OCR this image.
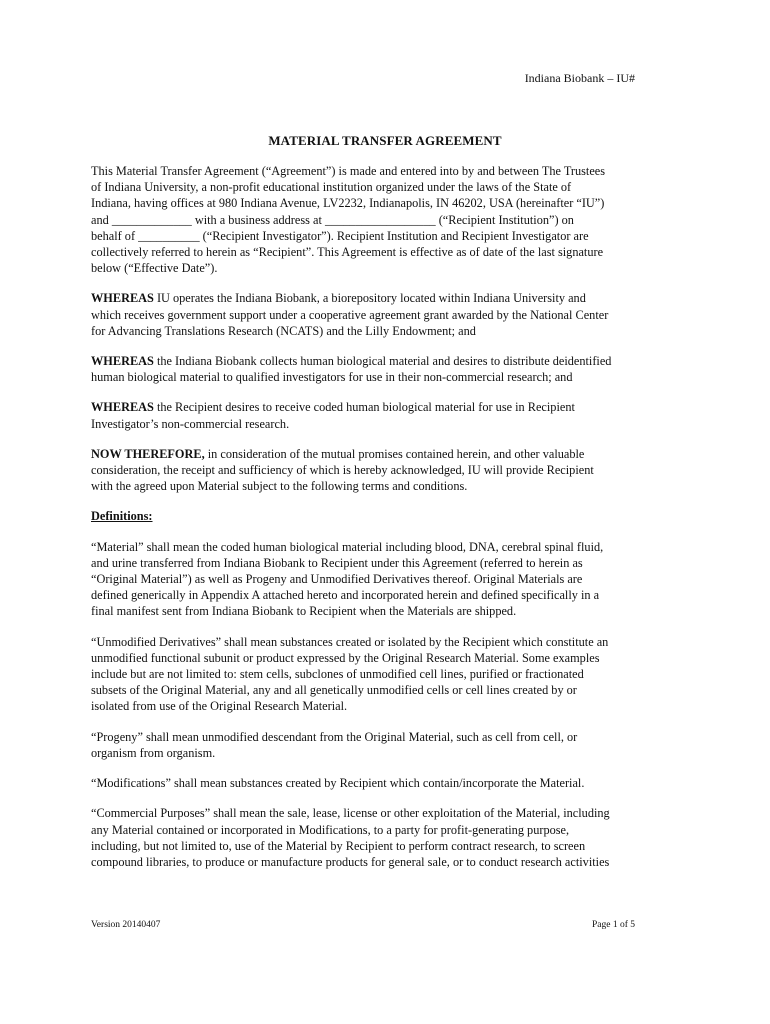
Indiana Biobank – IU#
MATERIAL TRANSFER AGREEMENT

This Material Transfer Agreement (“Agreement”) is made and entered into by and between The Trustees
of Indiana University, a non-profit educational institution organized under the laws of the State of
Indiana, having offices at 980 Indiana Avenue, LV2232, Indianapolis, IN 46202, USA (hereinafter “IU”)
and _____________ with a business address at __________________ (“Recipient Institution”) on
behalf of __________ (“Recipient Investigator”). Recipient Institution and Recipient Investigator are
collectively referred to herein as “Recipient”. This Agreement is effective as of date of the last signature
below (“Effective Date”).

WHEREAS IU operates the Indiana Biobank, a biorepository located within Indiana University and
which receives government support under a cooperative agreement grant awarded by the National Center
for Advancing Translations Research (NCATS) and the Lilly Endowment; and

WHEREAS the Indiana Biobank collects human biological material and desires to distribute deidentified
human biological material to qualified investigators for use in their non-commercial research; and

WHEREAS the Recipient desires to receive coded human biological material for use in Recipient
Investigator’s non-commercial research.

NOW THEREFORE, in consideration of the mutual promises contained herein, and other valuable
consideration, the receipt and sufficiency of which is hereby acknowledged, IU will provide Recipient
with the agreed upon Material subject to the following terms and conditions.

Definitions:

“Material” shall mean the coded human biological material including blood, DNA, cerebral spinal fluid,
and urine transferred from Indiana Biobank to Recipient under this Agreement (referred to herein as
“Original Material”) as well as Progeny and Unmodified Derivatives thereof. Original Materials are
defined generically in Appendix A attached hereto and incorporated herein and defined specifically in a
final manifest sent from Indiana Biobank to Recipient when the Materials are shipped.

“Unmodified Derivatives” shall mean substances created or isolated by the Recipient which constitute an
unmodified functional subunit or product expressed by the Original Research Material. Some examples
include but are not limited to: stem cells, subclones of unmodified cell lines, purified or fractionated
subsets of the Original Material, any and all genetically unmodified cells or cell lines created by or
isolated from use of the Original Research Material.

“Progeny” shall mean unmodified descendant from the Original Material, such as cell from cell, or
organism from organism.

“Modifications” shall mean substances created by Recipient which contain/incorporate the Material.

“Commercial Purposes” shall mean the sale, lease, license or other exploitation of the Material, including
any Material contained or incorporated in Modifications, to a party for profit-generating purpose,
including, but not limited to, use of the Material by Recipient to perform contract research, to screen
compound libraries, to produce or manufacture products for general sale, or to conduct research activities

Version 20140407	Page 1 of 5
